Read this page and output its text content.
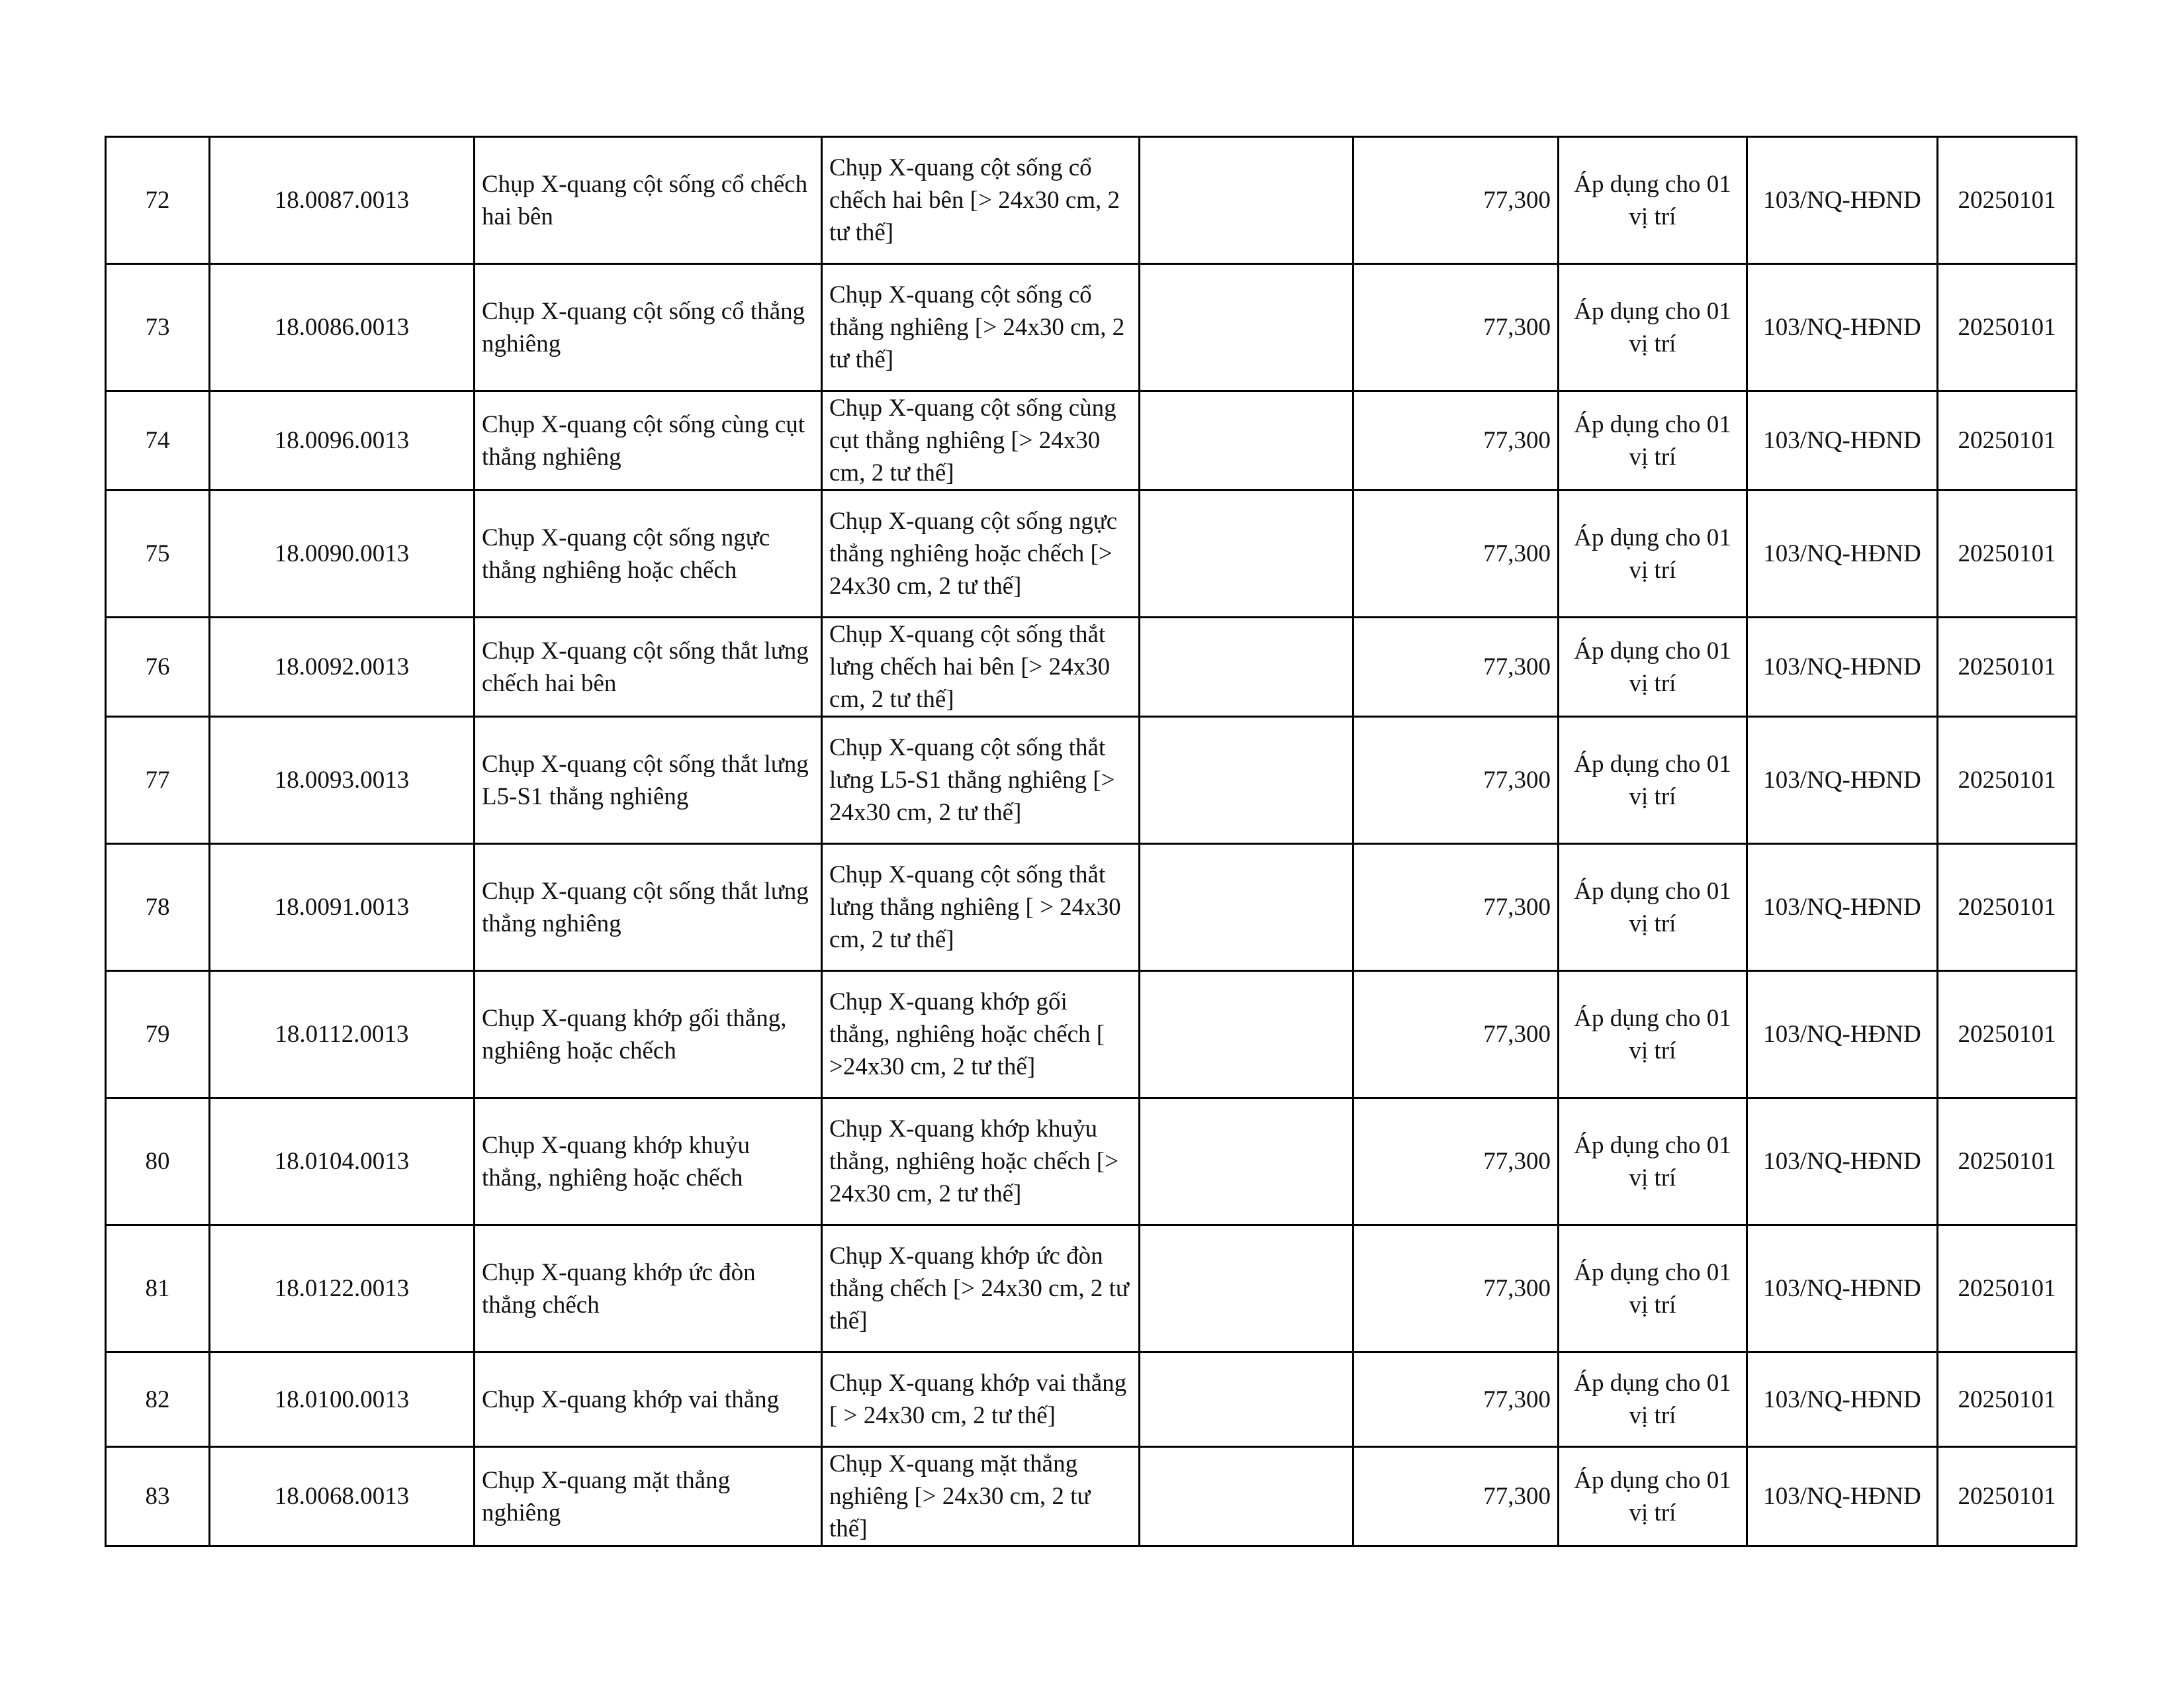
72	18.0087.0013	Chụp X-quang cột sống cổ chếch hai bên	Chụp X-quang cột sống cổ chếch hai bên [> 24x30 cm, 2 tư thế]		77,300	Áp dụng cho 01 vị trí	103/NQ-HĐND	20250101
73	18.0086.0013	Chụp X-quang cột sống cổ thẳng nghiêng	Chụp X-quang cột sống cổ thẳng nghiêng [> 24x30 cm, 2 tư thế]		77,300	Áp dụng cho 01 vị trí	103/NQ-HĐND	20250101
74	18.0096.0013	Chụp X-quang cột sống cùng cụt thẳng nghiêng	Chụp X-quang cột sống cùng cụt thẳng nghiêng [> 24x30 cm, 2 tư thế]		77,300	Áp dụng cho 01 vị trí	103/NQ-HĐND	20250101
75	18.0090.0013	Chụp X-quang cột sống ngực thẳng nghiêng hoặc chếch	Chụp X-quang cột sống ngực thẳng nghiêng hoặc chếch [> 24x30 cm, 2 tư thế]		77,300	Áp dụng cho 01 vị trí	103/NQ-HĐND	20250101
76	18.0092.0013	Chụp X-quang cột sống thắt lưng chếch hai bên	Chụp X-quang cột sống thắt lưng chếch hai bên [> 24x30 cm, 2 tư thế]		77,300	Áp dụng cho 01 vị trí	103/NQ-HĐND	20250101
77	18.0093.0013	Chụp X-quang cột sống thắt lưng L5-S1 thẳng nghiêng	Chụp X-quang cột sống thắt lưng L5-S1 thẳng nghiêng [> 24x30 cm, 2 tư thế]		77,300	Áp dụng cho 01 vị trí	103/NQ-HĐND	20250101
78	18.0091.0013	Chụp X-quang cột sống thắt lưng thẳng nghiêng	Chụp X-quang cột sống thắt lưng thẳng nghiêng [ > 24x30 cm, 2 tư thế]		77,300	Áp dụng cho 01 vị trí	103/NQ-HĐND	20250101
79	18.0112.0013	Chụp X-quang khớp gối thẳng, nghiêng hoặc chếch	Chụp X-quang khớp gối thẳng, nghiêng hoặc chếch [ >24x30 cm, 2 tư thế]		77,300	Áp dụng cho 01 vị trí	103/NQ-HĐND	20250101
80	18.0104.0013	Chụp X-quang khớp khuỷu thẳng, nghiêng hoặc chếch	Chụp X-quang khớp khuỷu thẳng, nghiêng hoặc chếch [> 24x30 cm, 2 tư thế]		77,300	Áp dụng cho 01 vị trí	103/NQ-HĐND	20250101
81	18.0122.0013	Chụp X-quang khớp ức đòn thẳng chếch	Chụp X-quang khớp ức đòn thẳng chếch [> 24x30 cm, 2 tư thế]		77,300	Áp dụng cho 01 vị trí	103/NQ-HĐND	20250101
82	18.0100.0013	Chụp X-quang khớp vai thẳng	Chụp X-quang khớp vai thẳng [ > 24x30 cm, 2 tư thế]		77,300	Áp dụng cho 01 vị trí	103/NQ-HĐND	20250101
83	18.0068.0013	Chụp X-quang mặt thẳng nghiêng	Chụp X-quang mặt thẳng nghiêng [> 24x30 cm, 2 tư thế]		77,300	Áp dụng cho 01 vị trí	103/NQ-HĐND	20250101
